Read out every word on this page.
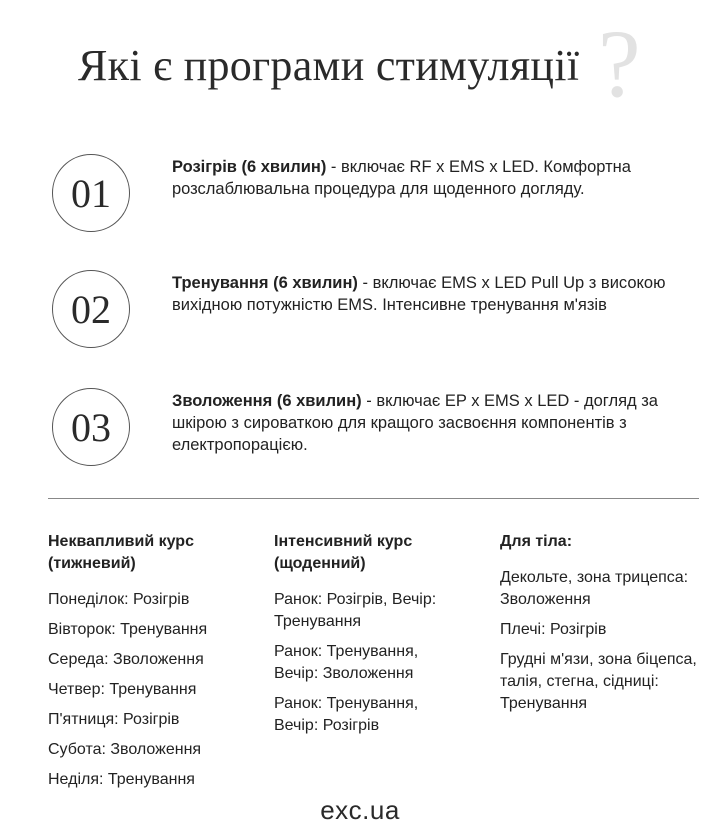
Які є програми стимуляції ?
01
Розігрів (6 хвилин) - включає RF x EMS x LED. Комфортна розслаблювальна процедура для щоденного догляду.
02
Тренування (6 хвилин) - включає EMS x LED Pull Up з високою вихідною потужністю EMS. Інтенсивне тренування м'язів
03
Зволоження (6 хвилин) - включає EP x EMS x LED - догляд за шкірою з сироваткою для кращого засвоєння компонентів з електропорацією.
Неквапливий курс (тижневий)
Понеділок: Розігрів
Вівторок: Тренування
Середа: Зволоження
Четвер: Тренування
П'ятниця: Розігрів
Субота: Зволоження
Неділя: Тренування
Інтенсивний курс (щоденний)
Ранок: Розігрів, Вечір: Тренування
Ранок: Тренування, Вечір: Зволоження
Ранок: Тренування, Вечір: Розігрів
Для тіла:
Декольте, зона трицепса: Зволоження
Плечі: Розігрів
Грудні м'язи, зона біцепса, талія, стегна, сідниці: Тренування
exc.ua
